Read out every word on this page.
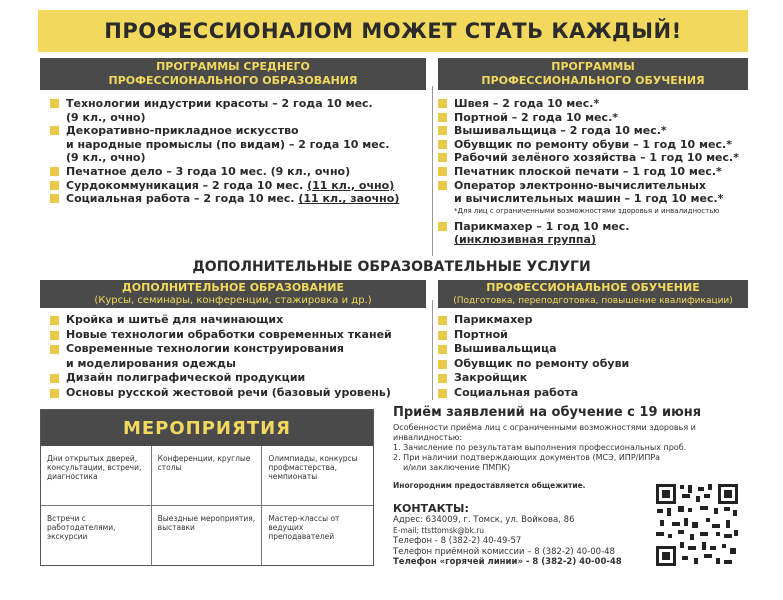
ПРОФЕССИОНАЛОМ МОЖЕТ СТАТЬ КАЖДЫЙ!
ПРОГРАММЫ СРЕДНЕГО
ПРОФЕССИОНАЛЬНОГО ОБРАЗОВАНИЯ
ПРОГРАММЫ
ПРОФЕССИОНАЛЬНОГО ОБУЧЕНИЯ
Технологии индустрии красоты – 2 года 10 мес.
(9 кл., очно)
Декоративно-прикладное искусство
и народные промыслы (по видам) – 2 года 10 мес.
(9 кл., очно)
Печатное дело – 3 года 10 мес. (9 кл., очно)
Сурдокоммуникация – 2 года 10 мес. (11 кл., очно)
Социальная работа – 2 года 10 мес. (11 кл., заочно)
Швея – 2 года 10 мес.*
Портной – 2 года 10 мес.*
Вышивальщица – 2 года 10 мес.*
Обувщик по ремонту обуви – 1 год 10 мес.*
Рабочий зелёного хозяйства – 1 год 10 мес.*
Печатник плоской печати – 1 год 10 мес.*
Оператор электронно-вычислительных
и вычислительных машин – 1 год 10 мес.*
*Для лиц с ограниченными возможностями здоровья и инвалидностью
Парикмахер – 1 год 10 мес.
(инклюзивная группа)
ДОПОЛНИТЕЛЬНЫЕ ОБРАЗОВАТЕЛЬНЫЕ УСЛУГИ
ДОПОЛНИТЕЛЬНОЕ ОБРАЗОВАНИЕ
(Курсы, семинары, конференции, стажировка и др.)
ПРОФЕССИОНАЛЬНОЕ ОБУЧЕНИЕ
(Подготовка, переподготовка, повышение квалификации)
Кройка и шитьё для начинающих
Новые технологии обработки современных тканей
Современные технологии конструирования
и моделирования одежды
Дизайн полиграфической продукции
Основы русской жестовой речи (базовый уровень)
Парикмахер
Портной
Вышивальщица
Обувщик по ремонту обуви
Закройщик
Социальная работа
МЕРОПРИЯТИЯ
Дни открытых дверей, консультации, встречи, диагностика
Конференции, круглые столы
Олимпиады, конкурсы профмастерства, чемпионаты
Встречи с работодателями, экскурсии
Выездные мероприятия, выставки
Мастер-классы от ведущих преподавателей
Приём заявлений на обучение с 19 июня
Особенности приёма лиц с ограниченными возможностями здоровья и инвалидностью:
1. Зачисление по результатам выполнения профессиональных проб.
2. При наличии подтверждающих документов (МСЭ, ИПР/ИПРа
и/или заключение ПМПК)
Иногородним предоставляется общежитие.
КОНТАКТЫ:
Адрес: 634009, г. Томск, ул. Войкова, 86
E-mail: ttsttomsk@bk.ru
Телефон - 8 (382-2) 40-49-57
Телефон приёмной комиссии – 8 (382-2) 40-00-48
Телефон «горячей линии» - 8 (382-2) 40-00-48
